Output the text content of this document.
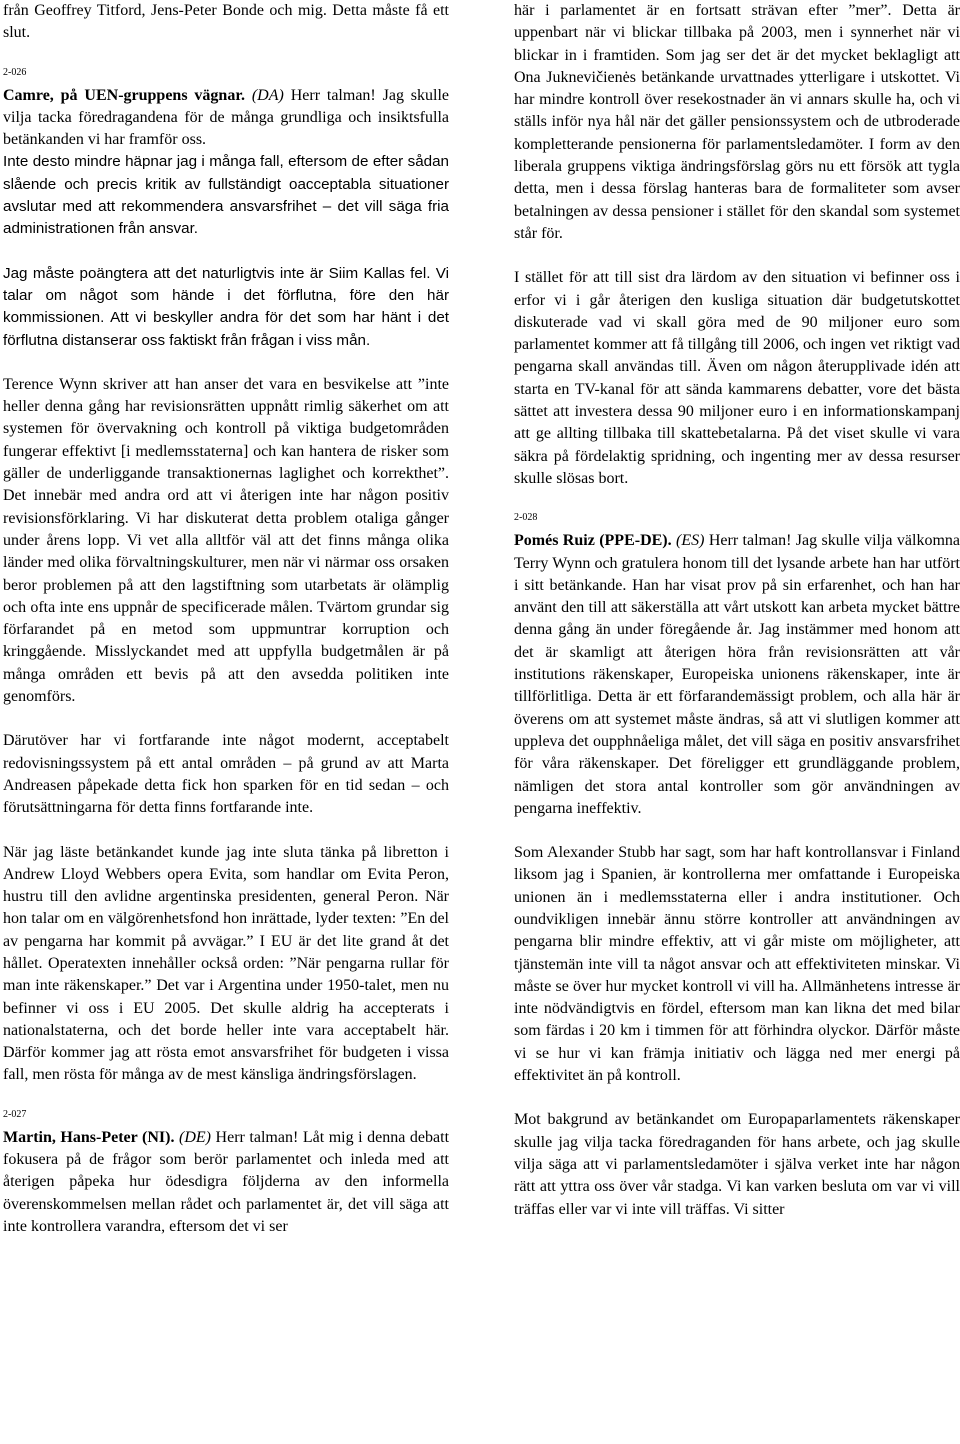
från Geoffrey Titford, Jens-Peter Bonde och mig. Detta måste få ett slut.

2-026

Camre, på UEN-gruppens vägnar. (DA) Herr talman! Jag skulle vilja tacka föredragandena för de många grundliga och insiktsfulla betänkanden vi har framför oss.

Inte desto mindre häpnar jag i många fall, eftersom de efter sådan slående och precis kritik av fullständigt oacceptabla situationer avslutar med att rekommendera ansvarsfrihet – det vill säga fria administrationen från ansvar.

Jag måste poängtera att det naturligtvis inte är Siim Kallas fel. Vi talar om något som hände i det förflutna, före den här kommissionen. Att vi beskyller andra för det som har hänt i det förflutna distanserar oss faktiskt från frågan i viss mån.

Terence Wynn skriver att han anser det vara en besvikelse att ”inte heller denna gång har revisionsrätten uppnått rimlig säkerhet om att systemen för övervakning och kontroll på viktiga budgetområden fungerar effektivt [i medlemsstaterna] och kan hantera de risker som gäller de underliggande transaktionernas laglighet och korrekthet”. Det innebär med andra ord att vi återigen inte har någon positiv revisionsförklaring. Vi har diskuterat detta problem otaliga gånger under årens lopp. Vi vet alla alltför väl att det finns många olika länder med olika förvaltningskulturer, men när vi närmar oss orsaken beror problemen på att den lagstiftning som utarbetats är olämplig och ofta inte ens uppnår de specificerade målen. Tvärtom grundar sig förfarandet på en metod som uppmuntrar korruption och kringgående. Misslyckandet med att uppfylla budgetmålen är på många områden ett bevis på att den avsedda politiken inte genomförs.

Därutöver har vi fortfarande inte något modernt, acceptabelt redovisningssystem på ett antal områden – på grund av att Marta Andreasen påpekade detta fick hon sparken för en tid sedan – och förutsättningarna för detta finns fortfarande inte.

När jag läste betänkandet kunde jag inte sluta tänka på libretton i Andrew Lloyd Webbers opera Evita, som handlar om Evita Peron, hustru till den avlidne argentinska presidenten, general Peron. När hon talar om en välgörenhetsfond hon inrättade, lyder texten: ”En del av pengarna har kommit på avvägar.” I EU är det lite grand åt det hållet. Operatexten innehåller också orden: ”När pengarna rullar för man inte räkenskaper.” Det var i Argentina under 1950-talet, men nu befinner vi oss i EU 2005. Det skulle aldrig ha accepterats i nationalstaterna, och det borde heller inte vara acceptabelt här. Därför kommer jag att rösta emot ansvarsfrihet för budgeten i vissa fall, men rösta för många av de mest känsliga ändringsförslagen.

2-027

Martin, Hans-Peter (NI). (DE) Herr talman! Låt mig i denna debatt fokusera på de frågor som berör parlamentet och inleda med att återigen påpeka hur ödesdigra följderna av den informella överenskommelsen mellan rådet och parlamentet är, det vill säga att inte kontrollera varandra, eftersom det vi ser

här i parlamentet är en fortsatt strävan efter ”mer”. Detta är uppenbart när vi blickar tillbaka på 2003, men i synnerhet när vi blickar in i framtiden. Som jag ser det är det mycket beklagligt att Ona Juknevičienės betänkande urvattnades ytterligare i utskottet. Vi har mindre kontroll över resekostnader än vi annars skulle ha, och vi ställs inför nya hål när det gäller pensionssystem och de utbroderade kompletterande pensionerna för parlamentsledamöter. I form av den liberala gruppens viktiga ändringsförslag görs nu ett försök att tygla detta, men i dessa förslag hanteras bara de formaliteter som avser betalningen av dessa pensioner i stället för den skandal som systemet står för.

I stället för att till sist dra lärdom av den situation vi befinner oss i erfor vi i går återigen den kusliga situation där budgetutskottet diskuterade vad vi skall göra med de 90 miljoner euro som parlamentet kommer att få tillgång till 2006, och ingen vet riktigt vad pengarna skall användas till. Även om någon återupplivade idén att starta en TV-kanal för att sända kammarens debatter, vore det bästa sättet att investera dessa 90 miljoner euro i en informationskampanj att ge allting tillbaka till skattebetalarna. På det viset skulle vi vara säkra på fördelaktig spridning, och ingenting mer av dessa resurser skulle slösas bort.

2-028

Pomés Ruiz (PPE-DE). (ES) Herr talman! Jag skulle vilja välkomna Terry Wynn och gratulera honom till det lysande arbete han har utfört i sitt betänkande. Han har visat prov på sin erfarenhet, och han har använt den till att säkerställa att vårt utskott kan arbeta mycket bättre denna gång än under föregående år. Jag instämmer med honom att det är skamligt att återigen höra från revisionsrätten att vår institutions räkenskaper, Europeiska unionens räkenskaper, inte är tillförlitliga. Detta är ett förfarandemässigt problem, och alla här är överens om att systemet måste ändras, så att vi slutligen kommer att uppleva det oupphnåeliga målet, det vill säga en positiv ansvarsfrihet för våra räkenskaper. Det föreligger ett grundläggande problem, nämligen det stora antal kontroller som gör användningen av pengarna ineffektiv.

Som Alexander Stubb har sagt, som har haft kontrollansvar i Finland liksom jag i Spanien, är kontrollerna mer omfattande i Europeiska unionen än i medlemsstaterna eller i andra institutioner. Och oundvikligen innebär ännu större kontroller att användningen av pengarna blir mindre effektiv, att vi går miste om möjligheter, att tjänstemän inte vill ta något ansvar och att effektiviteten minskar. Vi måste se över hur mycket kontroll vi vill ha. Allmänhetens intresse är inte nödvändigtvis en fördel, eftersom man kan likna det med bilar som färdas i 20 km i timmen för att förhindra olyckor. Därför måste vi se hur vi kan främja initiativ och lägga ned mer energi på effektivitet än på kontroll.

Mot bakgrund av betänkandet om Europaparlamentets räkenskaper skulle jag vilja tacka föredraganden för hans arbete, och jag skulle vilja säga att vi parlamentsledamöter i själva verket inte har någon rätt att yttra oss över vår stadga. Vi kan varken besluta om var vi vill träffas eller var vi inte vill träffas. Vi sitter
